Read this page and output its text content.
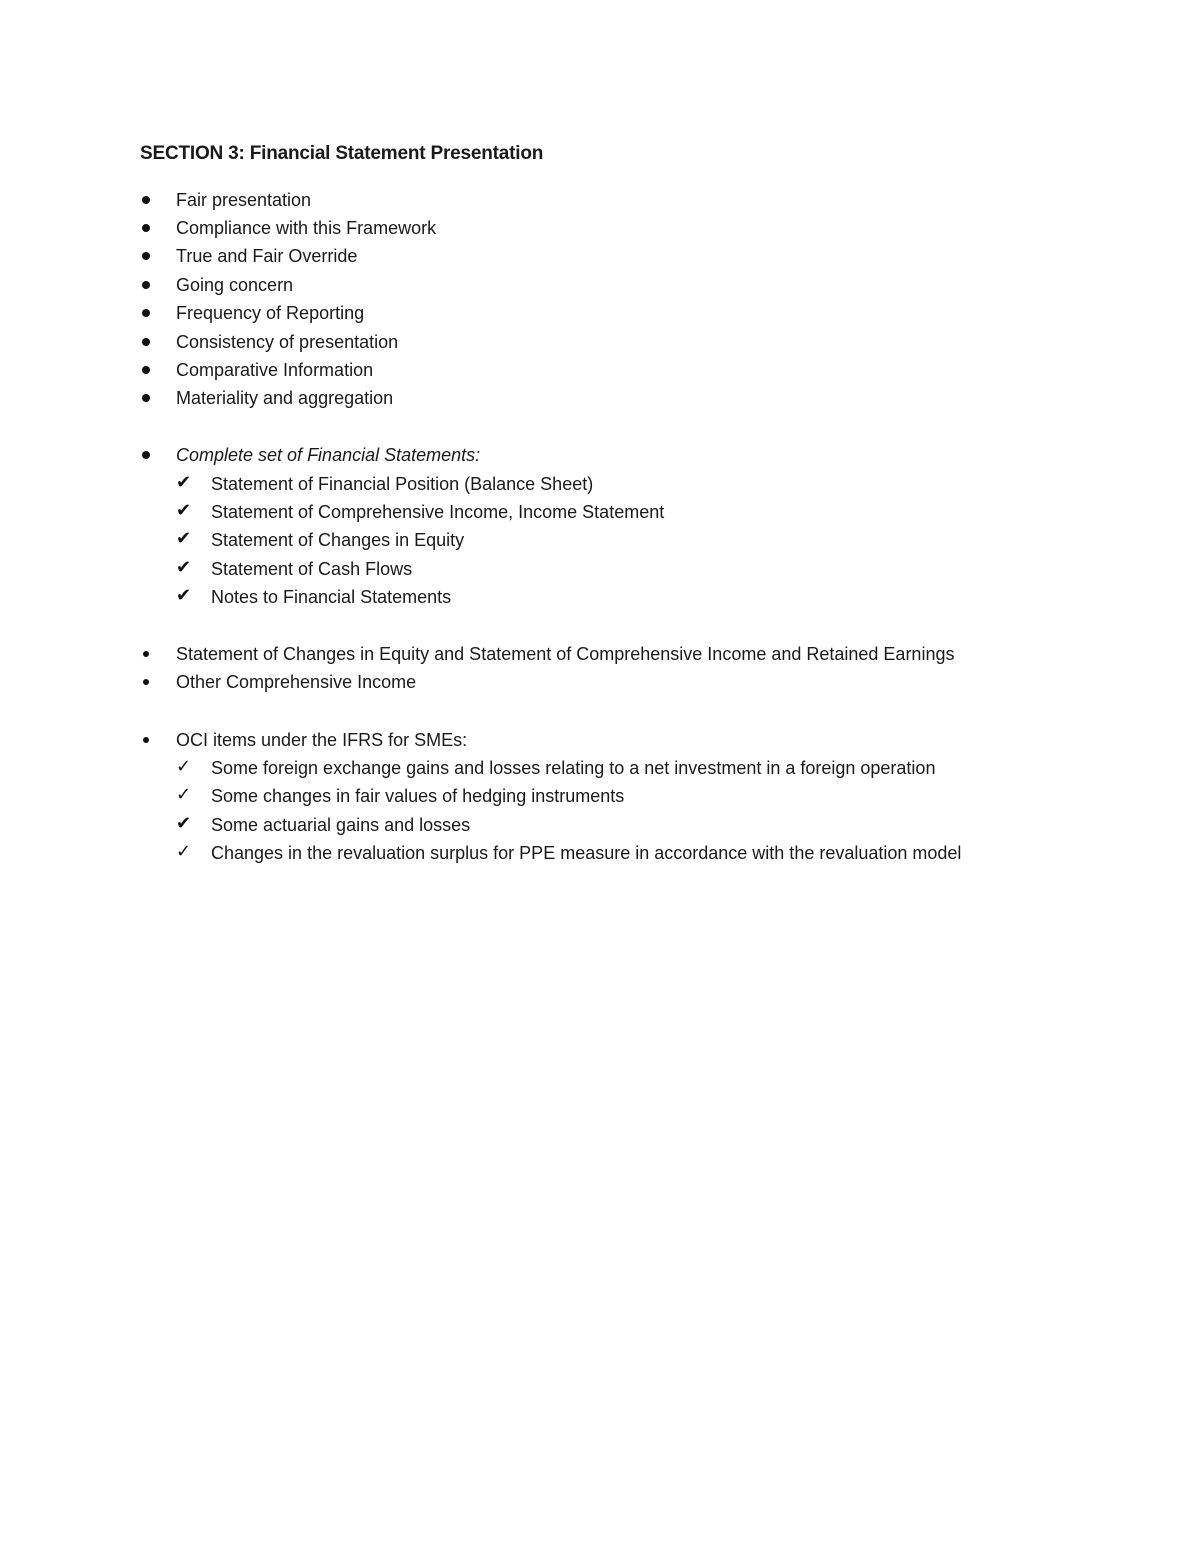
SECTION 3: Financial Statement Presentation
Fair presentation
Compliance with this Framework
True and Fair Override
Going concern
Frequency of Reporting
Consistency of presentation
Comparative Information
Materiality and aggregation
Complete set of Financial Statements:
✔	Statement of Financial Position (Balance Sheet)
✔	Statement of Comprehensive Income, Income Statement
✔	Statement of Changes in Equity
✔	Statement of Cash Flows
✔	Notes to Financial Statements
Statement of Changes in Equity and Statement of Comprehensive Income and Retained Earnings
Other Comprehensive Income
OCI items under the IFRS for SMEs:
✓	Some foreign exchange gains and losses relating to a net investment in a foreign operation
✓	Some changes in fair values of hedging instruments
✔	Some actuarial gains and losses
✓	Changes in the revaluation surplus for PPE measure in accordance with the revaluation model
